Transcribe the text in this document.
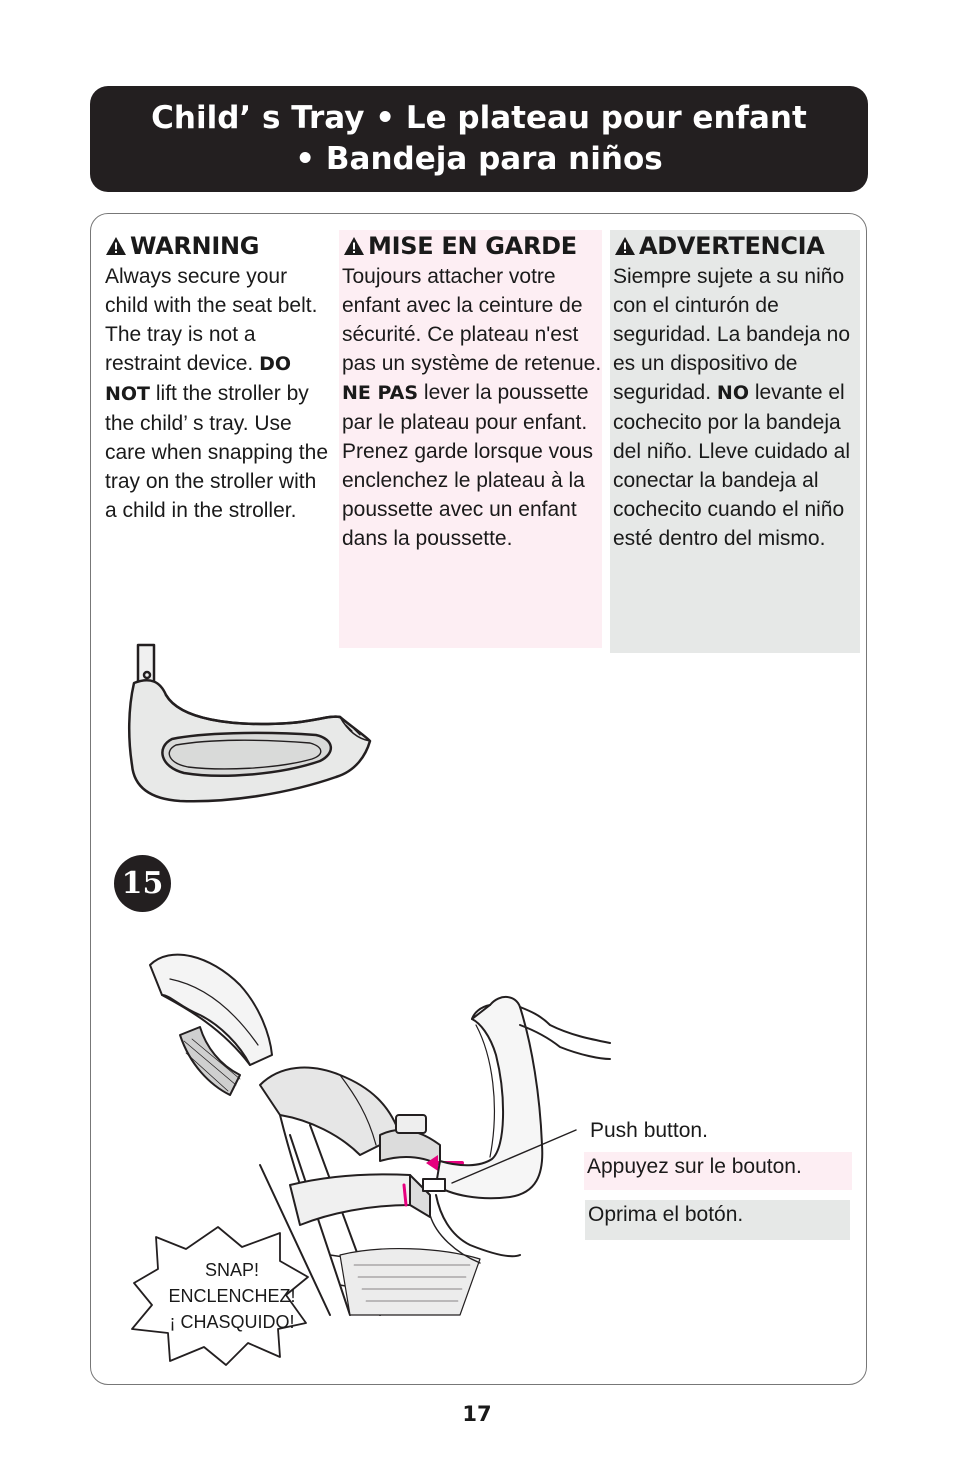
Child’ s Tray • Le plateau pour enfant
• Bandeja para niños
WARNING

Always secure your child with the seat belt. The tray is not a restraint device. DO NOT lift the stroller by the child’ s tray. Use care when snapping the tray on the stroller with a child in the stroller.

MISE EN GARDE

Toujours attacher votre enfant avec la ceinture de sécurité. Ce plateau n'est pas un système de retenue. NE PAS lever la poussette par le plateau pour enfant. Prenez garde lorsque vous enclenchez le plateau à la poussette avec un enfant dans la poussette.

ADVERTENCIA

Siempre sujete a su niño con el cinturón de seguridad. La bandeja no es un dispositivo de seguridad. NO levante el cochecito por la bandeja del niño. Lleve cuidado al conectar la bandeja al cochecito cuando el niño esté dentro del mismo.

15
Push button.
Appuyez sur le bouton.
Oprima el botón.
SNAP!
ENCLENCHEZ!
¡ CHASQUIDO!
17
